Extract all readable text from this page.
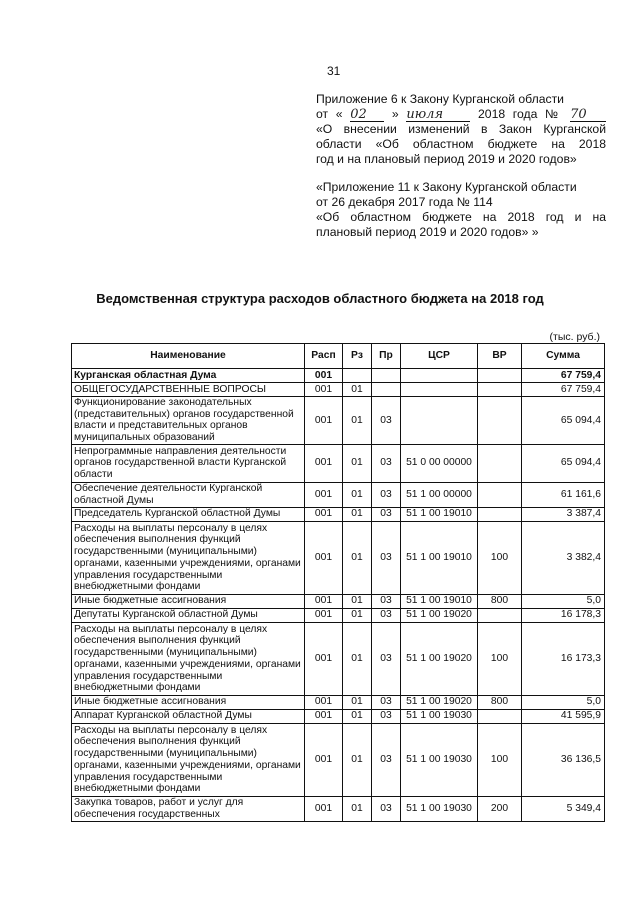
31

Приложение 6 к Закону Курганской области

от « 02 » июля	2018 года № 70

«О внесении изменений в Закон Курганской

области «Об областном бюджете на 2018

год и на плановый период 2019 и 2020 годов»

«Приложение 11 к Закону Курганской области

от 26 декабря 2017 года № 114

«Об областном бюджете на 2018 год и на

плановый период 2019 и 2020 годов» »

Ведомственная структура расходов областного бюджета на 2018 год
(тыс. руб.)
Наименование	Расп	Рз	Пр	ЦСР	ВР	Сумма
Курганская областная Дума	001					67 759,4
ОБЩЕГОСУДАРСТВЕННЫЕ ВОПРОСЫ	001	01				67 759,4
Функционирование законодательных (представительных) органов государственной власти и представительных органов муниципальных образований	001	01	03			65 094,4
Непрограммные направления деятельности органов государственной власти Курганской области	001	01	03	51 0 00 00000		65 094,4
Обеспечение деятельности Курганской областной Думы	001	01	03	51 1 00 00000		61 161,6
Председатель Курганской областной Думы	001	01	03	51 1 00 19010		3 387,4
Расходы на выплаты персоналу в целях обеспечения выполнения функций государственными (муниципальными) органами, казенными учреждениями, органами управления государственными внебюджетными фондами	001	01	03	51 1 00 19010	100	3 382,4
Иные бюджетные ассигнования	001	01	03	51 1 00 19010	800	5,0
Депутаты Курганской областной Думы	001	01	03	51 1 00 19020		16 178,3
Расходы на выплаты персоналу в целях обеспечения выполнения функций государственными (муниципальными) органами, казенными учреждениями, органами управления государственными внебюджетными фондами	001	01	03	51 1 00 19020	100	16 173,3
Иные бюджетные ассигнования	001	01	03	51 1 00 19020	800	5,0
Аппарат Курганской областной Думы	001	01	03	51 1 00 19030		41 595,9
Расходы на выплаты персоналу в целях обеспечения выполнения функций государственными (муниципальными) органами, казенными учреждениями, органами управления государственными внебюджетными фондами	001	01	03	51 1 00 19030	100	36 136,5
Закупка товаров, работ и услуг для обеспечения государственных	001	01	03	51 1 00 19030	200	5 349,4
